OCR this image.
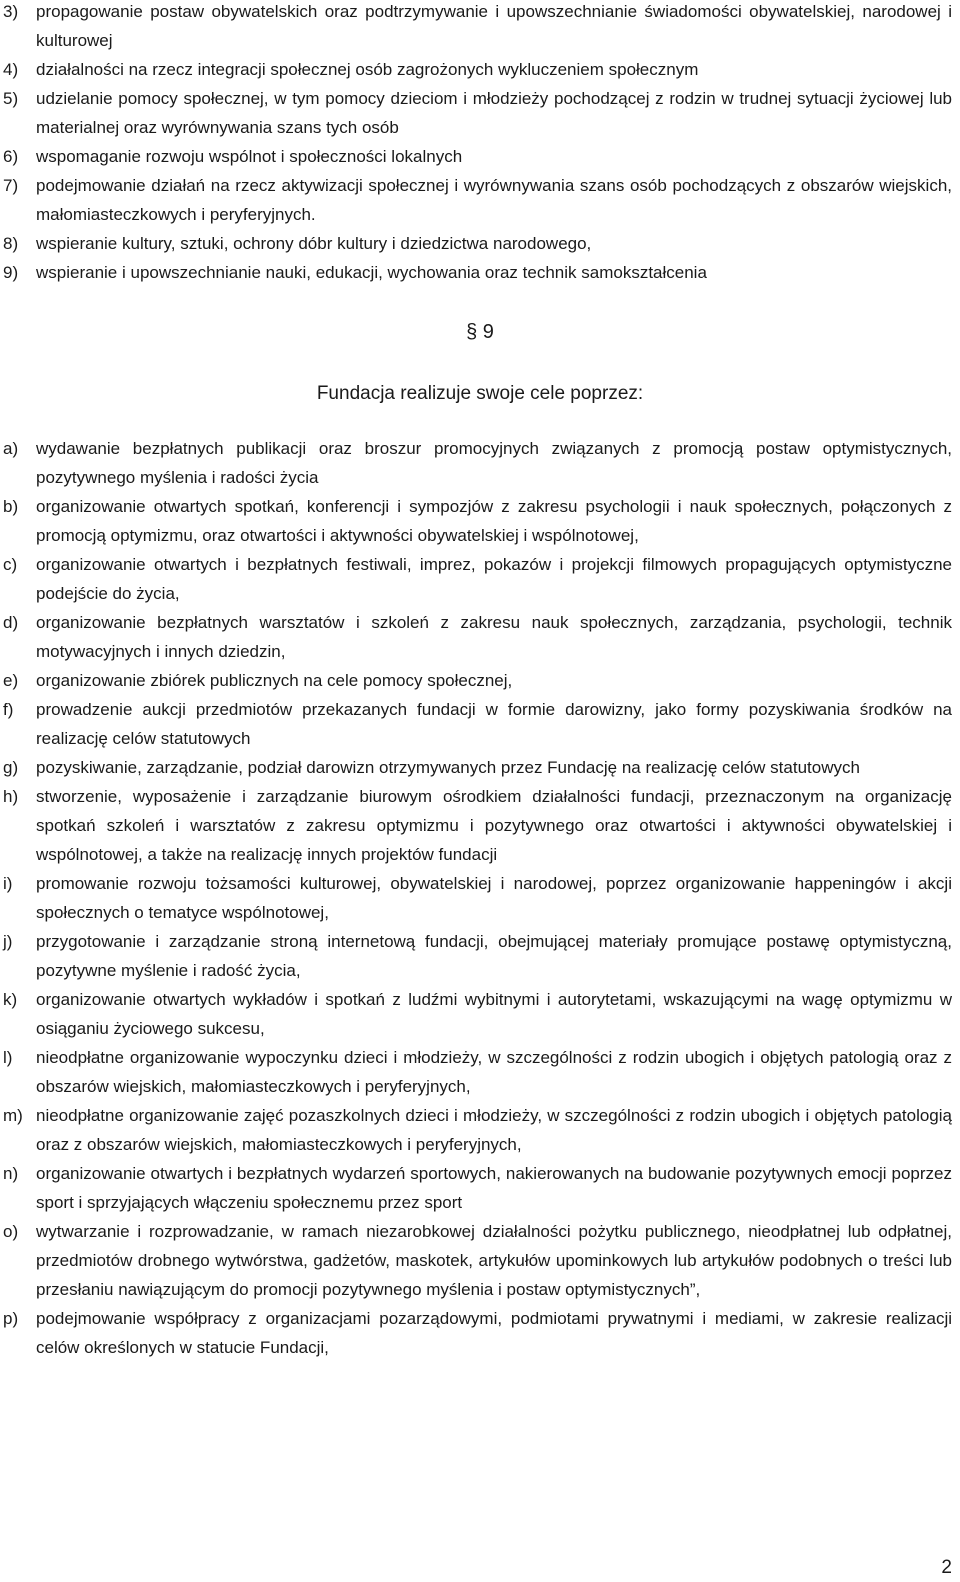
3)	propagowanie postaw obywatelskich oraz podtrzymywanie i upowszechnianie świadomości obywatelskiej, narodowej i kulturowej
4)	działalności na rzecz integracji społecznej osób zagrożonych wykluczeniem społecznym
5)	udzielanie pomocy społecznej, w tym pomocy dzieciom i młodzieży pochodzącej z rodzin w trudnej sytuacji życiowej lub materialnej oraz wyrównywania szans tych osób
6)	wspomaganie rozwoju wspólnot i społeczności lokalnych
7)	podejmowanie działań na rzecz aktywizacji społecznej i wyrównywania szans osób pochodzących z obszarów wiejskich, małomiasteczkowych i peryferyjnych.
8)	wspieranie kultury, sztuki, ochrony dóbr kultury i dziedzictwa narodowego,
9)	wspieranie i upowszechnianie nauki, edukacji, wychowania oraz technik samokształcenia
§ 9
Fundacja realizuje swoje cele poprzez:
a)	wydawanie bezpłatnych publikacji oraz broszur promocyjnych związanych z promocją postaw optymistycznych, pozytywnego myślenia i radości życia
b)	organizowanie otwartych spotkań, konferencji i sympozjów z zakresu psychologii i nauk społecznych, połączonych z promocją optymizmu, oraz otwartości i aktywności obywatelskiej i wspólnotowej,
c)	organizowanie otwartych i bezpłatnych festiwali, imprez, pokazów i projekcji filmowych propagujących optymistyczne podejście do życia,
d)	organizowanie bezpłatnych warsztatów i szkoleń z zakresu nauk społecznych, zarządzania, psychologii, technik motywacyjnych i innych dziedzin,
e)	organizowanie zbiórek publicznych na cele pomocy społecznej,
f)	prowadzenie aukcji przedmiotów przekazanych fundacji w formie darowizny, jako formy pozyskiwania środków na realizację celów statutowych
g)	pozyskiwanie, zarządzanie, podział darowizn otrzymywanych przez Fundację na realizację celów statutowych
h)	stworzenie, wyposażenie i zarządzanie biurowym ośrodkiem działalności fundacji, przeznaczonym na organizację spotkań szkoleń i warsztatów z zakresu optymizmu i pozytywnego oraz otwartości i aktywności obywatelskiej i wspólnotowej, a także na realizację innych projektów fundacji
i)	promowanie rozwoju tożsamości kulturowej, obywatelskiej i narodowej, poprzez organizowanie happeningów i akcji społecznych o tematyce wspólnotowej,
j)	przygotowanie i zarządzanie stroną internetową fundacji, obejmującej materiały promujące postawę optymistyczną, pozytywne myślenie i radość życia,
k)	organizowanie otwartych wykładów i spotkań z ludźmi wybitnymi i autorytetami, wskazującymi na wagę optymizmu w osiąganiu życiowego sukcesu,
l)	nieodpłatne organizowanie wypoczynku dzieci i młodzieży, w szczególności z rodzin ubogich i objętych patologią oraz z obszarów wiejskich, małomiasteczkowych i peryferyjnych,
m) nieodpłatne organizowanie zajęć pozaszkolnych dzieci i młodzieży, w szczególności z rodzin ubogich i objętych patologią oraz z obszarów wiejskich, małomiasteczkowych i peryferyjnych,
n)	organizowanie otwartych i bezpłatnych wydarzeń sportowych, nakierowanych na budowanie pozytywnych emocji poprzez sport i sprzyjających włączeniu społecznemu przez sport
o)	wytwarzanie i rozprowadzanie, w ramach niezarobkowej działalności pożytku publicznego, nieodpłatnej lub odpłatnej, przedmiotów drobnego wytwórstwa, gadżetów, maskotek, artykułów upominkowych lub artykułów podobnych o treści lub przesłaniu nawiązującym do promocji pozytywnego myślenia i postaw optymistycznych”,
p)	podejmowanie współpracy z organizacjami pozarządowymi, podmiotami prywatnymi i mediami, w zakresie realizacji celów określonych w statucie Fundacji,
2
